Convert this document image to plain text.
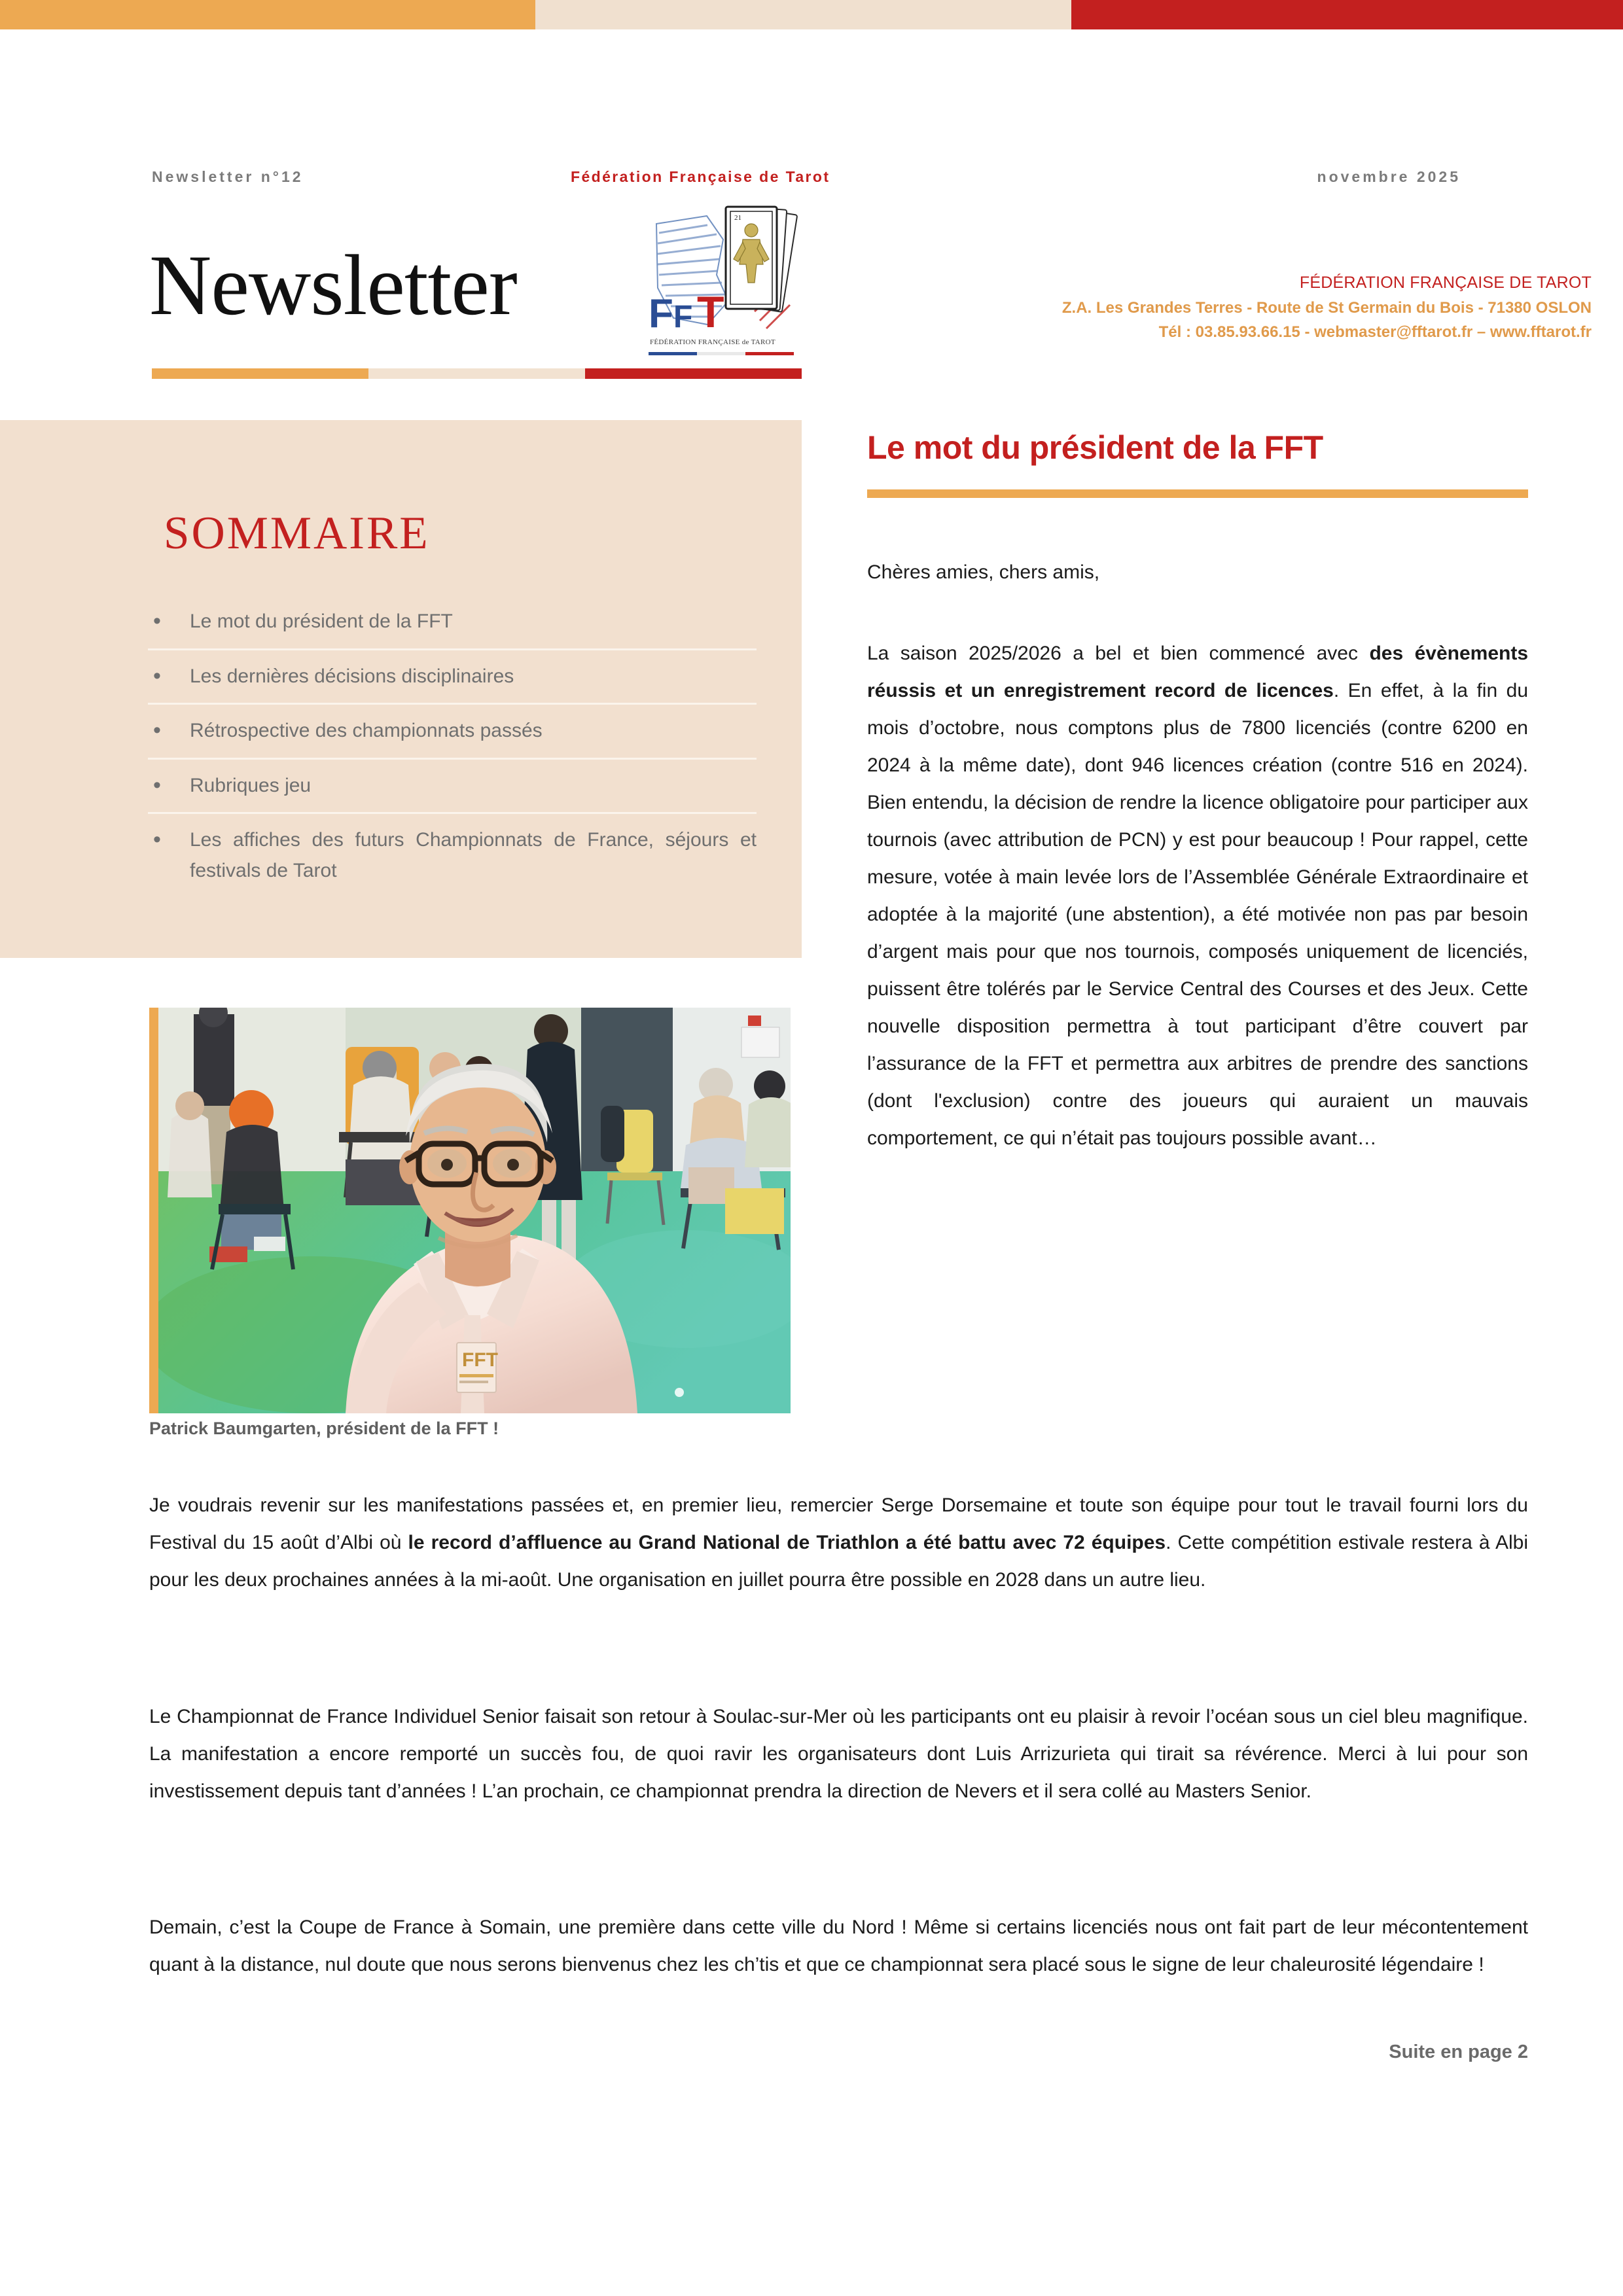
Newsletter n°12	Fédération Française de Tarot	novembre 2025
Newsletter
21
F F T
FÉDÉRATION FRANÇAISE de TAROT
FÉDÉRATION FRANÇAISE DE TAROT
Z.A. Les Grandes Terres - Route de St Germain du Bois - 71380 OSLON
Tél : 03.85.93.66.15 - webmaster@fftarot.fr – www.fftarot.fr
SOMMAIRE
•	Le mot du président de la FFT
•	Les dernières décisions disciplinaires
•	Rétrospective des championnats passés
•	Rubriques jeu
•	Les affiches des futurs Championnats de France, séjours et festivals de Tarot
FFT
Patrick Baumgarten, président de la FFT !
Le mot du président de la FFT

Chères amies, chers amis,

La saison 2025/2026 a bel et bien commencé avec des évènements réussis et un enregistrement record de licences. En effet, à la fin du mois d’octobre, nous comptons plus de 7800 licenciés (contre 6200 en 2024 à la même date), dont 946 licences création (contre 516 en 2024). Bien entendu, la décision de rendre la licence obligatoire pour participer aux tournois (avec attribution de PCN) y est pour beaucoup ! Pour rappel, cette mesure, votée à main levée lors de l’Assemblée Générale Extraordinaire et adoptée à la majorité (une abstention), a été motivée non pas par besoin d’argent mais pour que nos tournois, composés uniquement de licenciés, puissent être tolérés par le Service Central des Courses et des Jeux. Cette nouvelle disposition permettra à tout participant d’être couvert par l’assurance de la FFT et permettra aux arbitres de prendre des sanctions (dont l'exclusion) contre des joueurs qui auraient un mauvais comportement, ce qui n’était pas toujours possible avant…

Je voudrais revenir sur les manifestations passées et, en premier lieu, remercier Serge Dorsemaine et toute son équipe pour tout le travail fourni lors du Festival du 15 août d’Albi où le record d’affluence au Grand National de Triathlon a été battu avec 72 équipes. Cette compétition estivale restera à Albi pour les deux prochaines années à la mi-août. Une organisation en juillet pourra être possible en 2028 dans un autre lieu.
Le Championnat de France Individuel Senior faisait son retour à Soulac-sur-Mer où les participants ont eu plaisir à revoir l’océan sous un ciel bleu magnifique. La manifestation a encore remporté un succès fou, de quoi ravir les organisateurs dont Luis Arrizurieta qui tirait sa révérence. Merci à lui pour son investissement depuis tant d’années ! L’an prochain, ce championnat prendra la direction de Nevers et il sera collé au Masters Senior.
Demain, c’est la Coupe de France à Somain, une première dans cette ville du Nord ! Même si certains licenciés nous ont fait part de leur mécontentement quant à la distance, nul doute que nous serons bienvenus chez les ch’tis et que ce championnat sera placé sous le signe de leur chaleurosité légendaire !
Suite en page 2
